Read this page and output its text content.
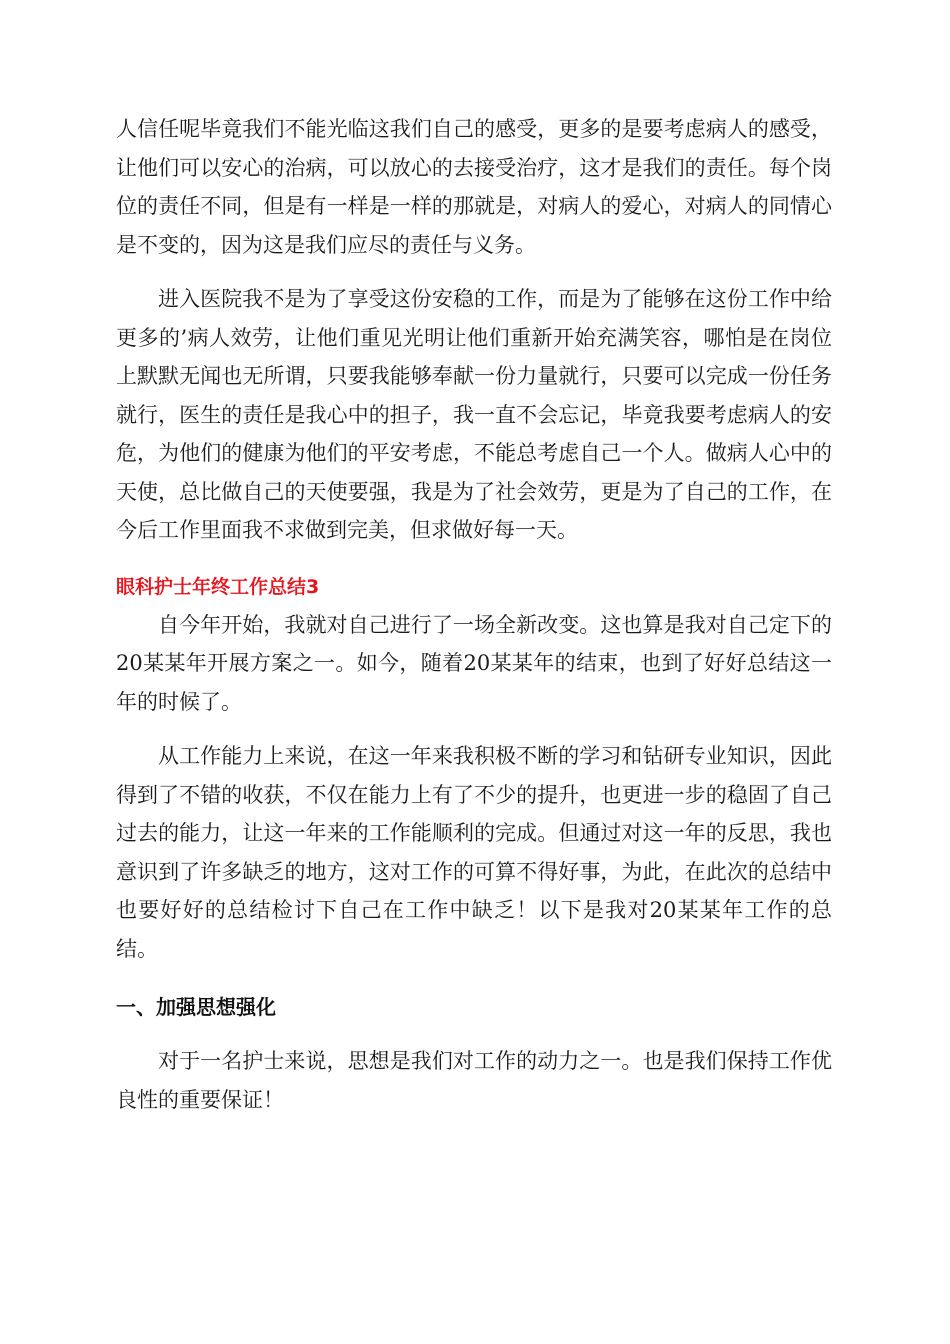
人信任呢毕竟我们不能光临这我们自己的感受，更多的是要考虑病人的感受，让他们可以安心的治病，可以放心的去接受治疗，这才是我们的责任。每个岗位的责任不同，但是有一样是一样的那就是，对病人的爱心，对病人的同情心是不变的，因为这是我们应尽的责任与义务。

进入医院我不是为了享受这份安稳的工作，而是为了能够在这份工作中给更多的’病人效劳，让他们重见光明让他们重新开始充满笑容，哪怕是在岗位上默默无闻也无所谓，只要我能够奉献一份力量就行，只要可以完成一份任务就行，医生的责任是我心中的担子，我一直不会忘记，毕竟我要考虑病人的安危，为他们的健康为他们的平安考虑，不能总考虑自己一个人。做病人心中的天使，总比做自己的天使要强，我是为了社会效劳，更是为了自己的工作，在今后工作里面我不求做到完美，但求做好每一天。

眼科护士年终工作总结3

自今年开始，我就对自己进行了一场全新改变。这也算是我对自己定下的20某某年开展方案之一。如今，随着20某某年的结束，也到了好好总结这一年的时候了。

从工作能力上来说，在这一年来我积极不断的学习和钻研专业知识，因此得到了不错的收获，不仅在能力上有了不少的提升，也更进一步的稳固了自己过去的能力，让这一年来的工作能顺利的完成。但通过对这一年的反思，我也意识到了许多缺乏的地方，这对工作的可算不得好事，为此，在此次的总结中也要好好的总结检讨下自己在工作中缺乏！以下是我对20某某年工作的总结。

一、加强思想强化

对于一名护士来说，思想是我们对工作的动力之一。也是我们保持工作优良性的重要保证！
